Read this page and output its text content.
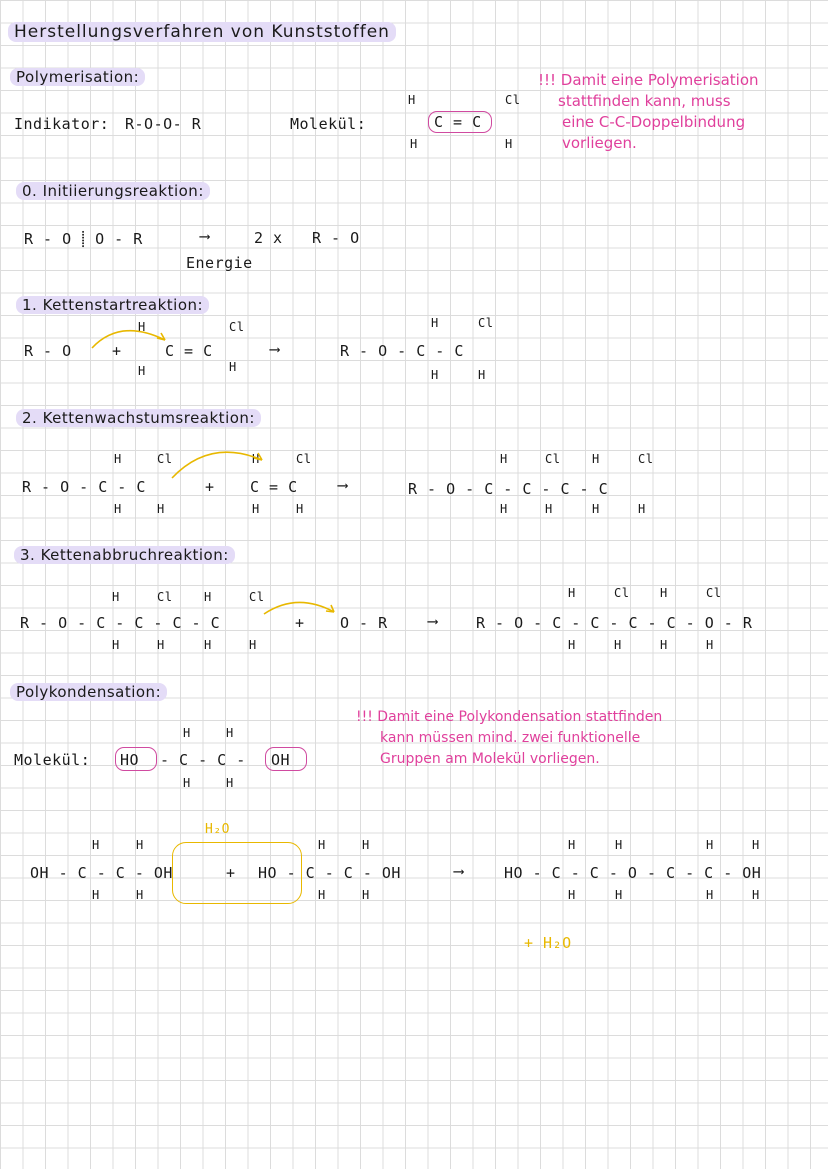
Herstellungsverfahren von Kunststoffen
Polymerisation:
Indikator: R-O-O- R	Molekül:
H	Cl
C = C
H	H
!!! Damit eine Polymerisation
stattfinden kann, muss
eine C-C-Doppelbindung
vorliegen.
0. Initiierungsreaktion:
R - O ⸽ O - R	⟶	2 x R - O
Energie
1. Kettenstartreaktion:
R - O	+
H	Cl
C = C
H	H
⟶	R - O - C - C
H	Cl
H	H
2. Kettenwachstumsreaktion:
H	Cl
R - O - C - C
H	H
+
H	Cl
C = C
H	H
⟶
H	Cl	H	Cl
R - O - C - C - C - C
H	H	H	H
3. Kettenabbruchreaktion:
H	Cl	H	Cl
R - O - C - C - C - C
H	H	H	H
+ O - R	⟶
H	Cl	H	Cl
R - O - C - C - C - C - O - R
H	H	H	H
Polykondensation:
!!! Damit eine Polykondensation stattfinden
kann müssen mind. zwei funktionelle
Gruppen am Molekül vorliegen.
Molekül: HO
H	H
- C - C -
H	H
OH
H₂O
H	H
OH - C - C - OH
H	H
+
H	H
HO - C - C - OH
H	H
⟶
H	H	H	H
HO - C - C - O - C - C - OH
H	H	H	H
+ H₂O
